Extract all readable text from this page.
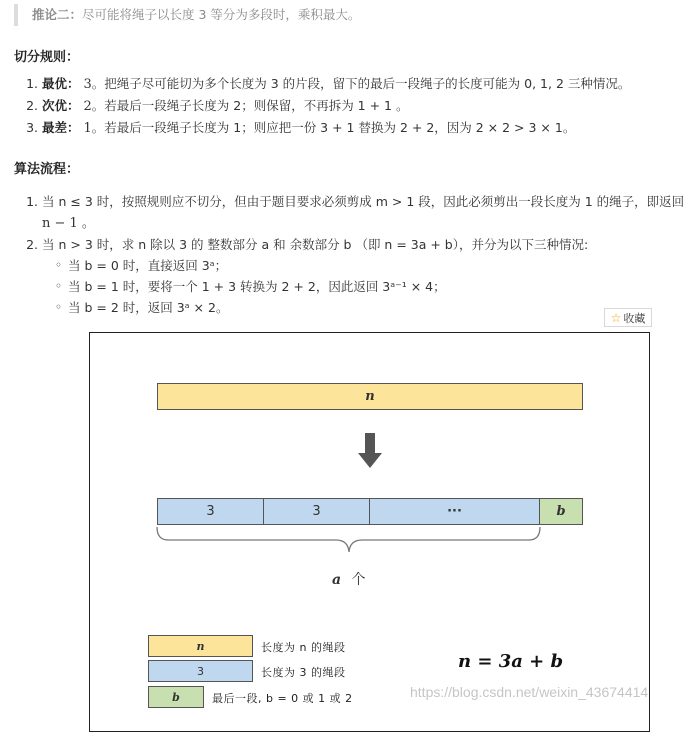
推论二：尽可能将绳子以长度 3 等分为多段时，乘积最大。
切分规则：
1. 最优： 3。把绳子尽可能切为多个长度为 3 的片段，留下的最后一段绳子的长度可能为 0, 1, 2 三种情况。
2. 次优： 2。若最后一段绳子长度为 2；则保留，不再拆为 1 + 1 。
3. 最差： 1。若最后一段绳子长度为 1；则应把一份 3 + 1 替换为 2 + 2，因为 2 × 2 > 3 × 1。
算法流程：
1. 当 n ≤ 3 时，按照规则应不切分，但由于题目要求必须剪成 m > 1 段，因此必须剪出一段长度为 1 的绳子，即返回
n − 1 。
2. 当 n > 3 时，求 n 除以 3 的 整数部分 a 和 余数部分 b （即 n = 3a + b），并分为以下三种情况:
◦ 当 b = 0 时，直接返回 3ᵃ；
◦ 当 b = 1 时，要将一个 1 + 3 转换为 2 + 2，因此返回 3ᵃ⁻¹ × 4；
◦ 当 b = 2 时，返回 3ᵃ × 2。
☆ 收藏
n
3	3	···	b
a 个
n	长度为 n 的绳段
3	长度为 3 的绳段
b	最后一段, b = 0 或 1 或 2
n = 3a + b
https://blog.csdn.net/weixin_43674414
